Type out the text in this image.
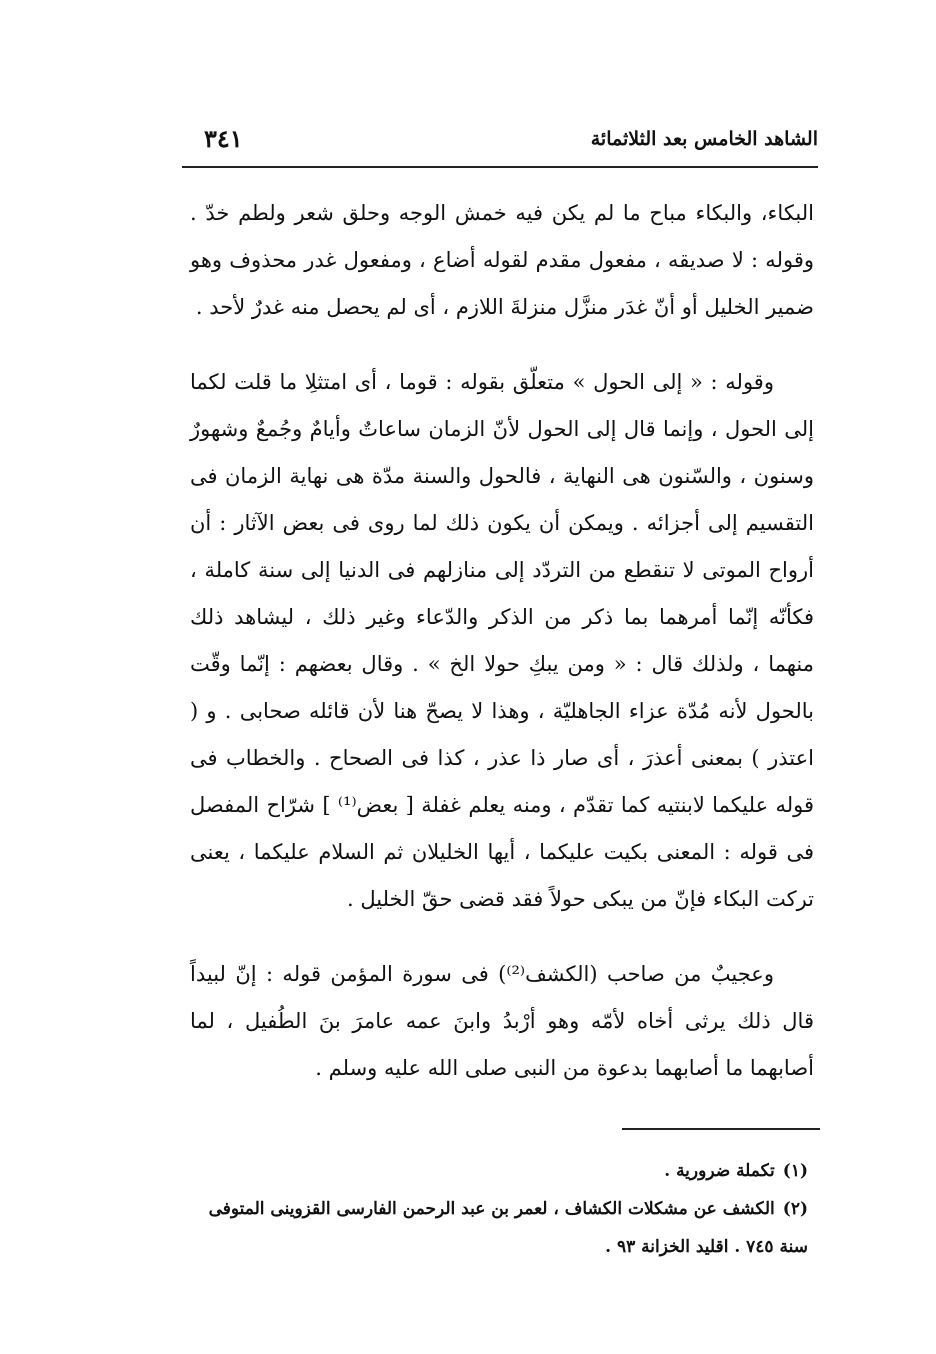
الشاهد الخامس بعد الثلاثمائة
٣٤١

البكاء، والبكاء مباح ما لم يكن فيه خمش الوجه وحلق شعر ولطم خدّ . وقوله : لا صديقه ، مفعول مقدم لقوله أضاع ، ومفعول غدر محذوف وهو ضمير الخليل أو أنّ غدَر منزَّل منزلةَ اللازم ، أى لم يحصل منه غدرٌ لأحد .

وقوله : « إلى الحول » متعلّق بقوله : قوما ، أى امتثلِا ما قلت لكما إلى الحول ، وإنما قال إلى الحول لأنّ الزمان ساعاتٌ وأيامٌ وجُمعٌ وشهورٌ وسنون ، والسّنون هى النهاية ، فالحول والسنة مدّة هى نهاية الزمان فى التقسيم إلى أجزائه . ويمكن أن يكون ذلك لما روى فى بعض الآثار : أن أرواح الموتى لا تنقطع من التردّد إلى منازلهم فى الدنيا إلى سنة كاملة ، فكأنّه إنّما أمرهما بما ذكر من الذكر والدّعاء وغير ذلك ، ليشاهد ذلك منهما ، ولذلك قال : « ومن يبكِ حولا الخ » . وقال بعضهم : إنّما وقّت بالحول لأنه مُدّة عزاء الجاهليّة ، وهذا لا يصحّ هنا لأن قائله صحابى . و ( اعتذر ) بمعنى أعذرَ ، أى صار ذا عذر ، كذا فى الصحاح . والخطاب فى قوله عليكما لابنتيه كما تقدّم ، ومنه يعلم غفلة [ بعض⁽¹⁾ ] شرّاح المفصل فى قوله : المعنى بكيت عليكما ، أيها الخليلان ثم السلام عليكما ، يعنى تركت البكاء فإنّ من يبكى حولاً فقد قضى حقّ الخليل .

وعجيبٌ من صاحب (الكشف⁽²⁾) فى سورة المؤمن قوله : إنّ لبيداً قال ذلك يرثى أخاه لأمّه وهو أرْبدُ وابنَ عمه عامرَ بنَ الطُفيل ، لما أصابهما ما أصابهما بدعوة من النبى صلى الله عليه وسلم .

(١)تكملة ضرورية .

(٢)الكشف عن مشكلات الكشاف ، لعمر بن عبد الرحمن الفارسى القزوينى المتوفى سنة ٧٤٥ . اقليد الخزانة ٩٣ .
